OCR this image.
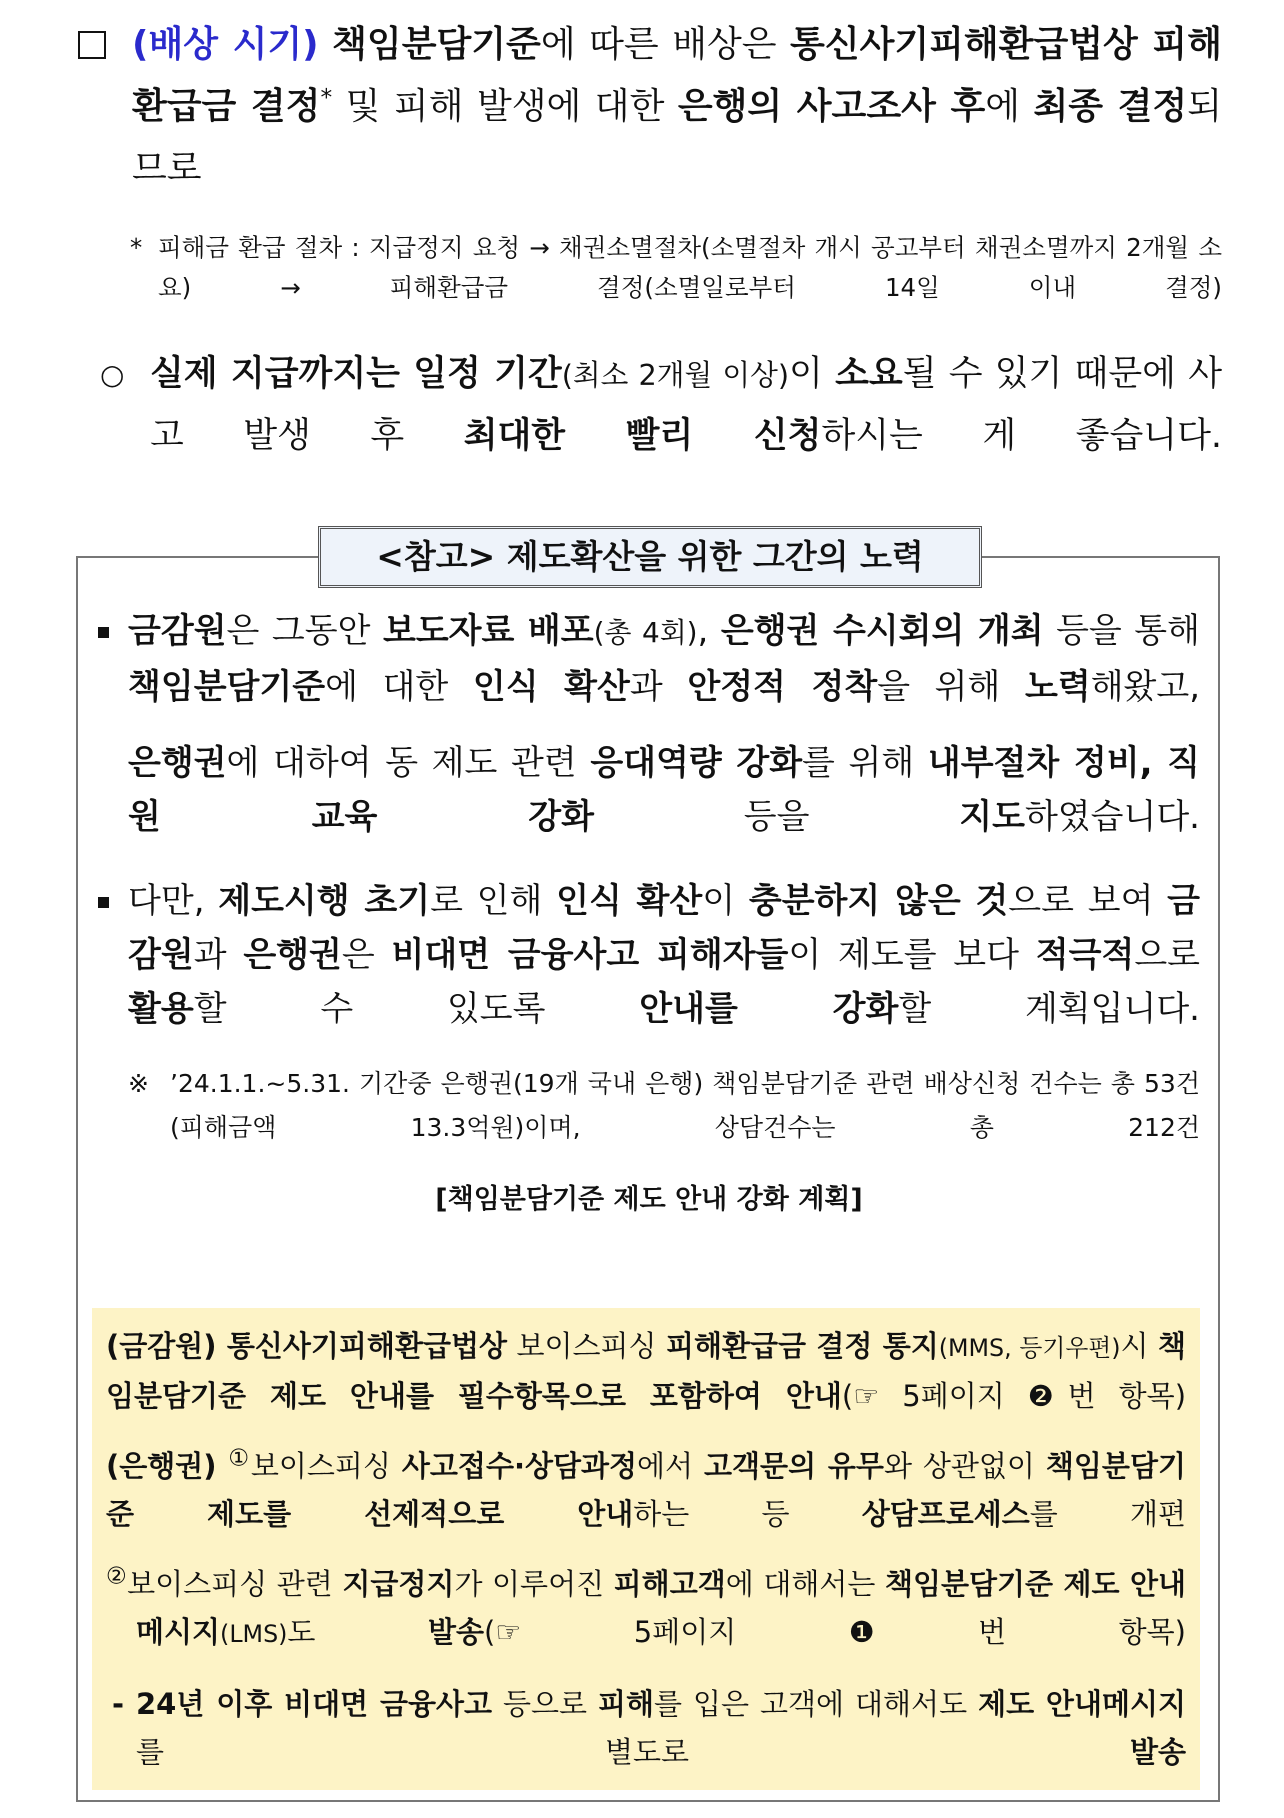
(배상 시기) 책임분담기준에 따른 배상은 통신사기피해환급법상 피해환급금 결정* 및 피해 발생에 대한 은행의 사고조사 후에 최종 결정되므로
* 피해금 환급 절차 : 지급정지 요청 → 채권소멸절차(소멸절차 개시 공고부터 채권소멸까지 2개월 소요) → 피해환급금 결정(소멸일로부터 14일 이내 결정)
○ 실제 지급까지는 일정 기간(최소 2개월 이상)이 소요될 수 있기 때문에 사고 발생 후 최대한 빨리 신청하시는 게 좋습니다.
<참고> 제도확산을 위한 그간의 노력
금감원은 그동안 보도자료 배포(총 4회), 은행권 수시회의 개최 등을 통해 책임분담기준에 대한 인식 확산과 안정적 정착을 위해 노력해왔고,
은행권에 대하여 동 제도 관련 응대역량 강화를 위해 내부절차 정비, 직원 교육 강화 등을 지도하였습니다.
다만, 제도시행 초기로 인해 인식 확산이 충분하지 않은 것으로 보여 금감원과 은행권은 비대면 금융사고 피해자들이 제도를 보다 적극적으로 활용할 수 있도록 안내를 강화할 계획입니다.
※ ’24.1.1.~5.31. 기간중 은행권(19개 국내 은행) 책임분담기준 관련 배상신청 건수는 총 53건(피해금액 13.3억원)이며, 상담건수는 총 212건
[책임분담기준 제도 안내 강화 계획]
(금감원) 통신사기피해환급법상 보이스피싱 피해환급금 결정 통지(MMS, 등기우편)시 책임분담기준 제도 안내를 필수항목으로 포함하여 안내(☞ 5페이지 ❷번 항목)
(은행권) ①보이스피싱 사고접수·상담과정에서 고객문의 유무와 상관없이 책임분담기준 제도를 선제적으로 안내하는 등 상담프로세스를 개편
②보이스피싱 관련 지급정지가 이루어진 피해고객에 대해서는 책임분담기준 제도 안내메시지(LMS)도 발송(☞ 5페이지 ❶번 항목)
- 24년 이후 비대면 금융사고 등으로 피해를 입은 고객에 대해서도 제도 안내메시지를 별도로 발송
